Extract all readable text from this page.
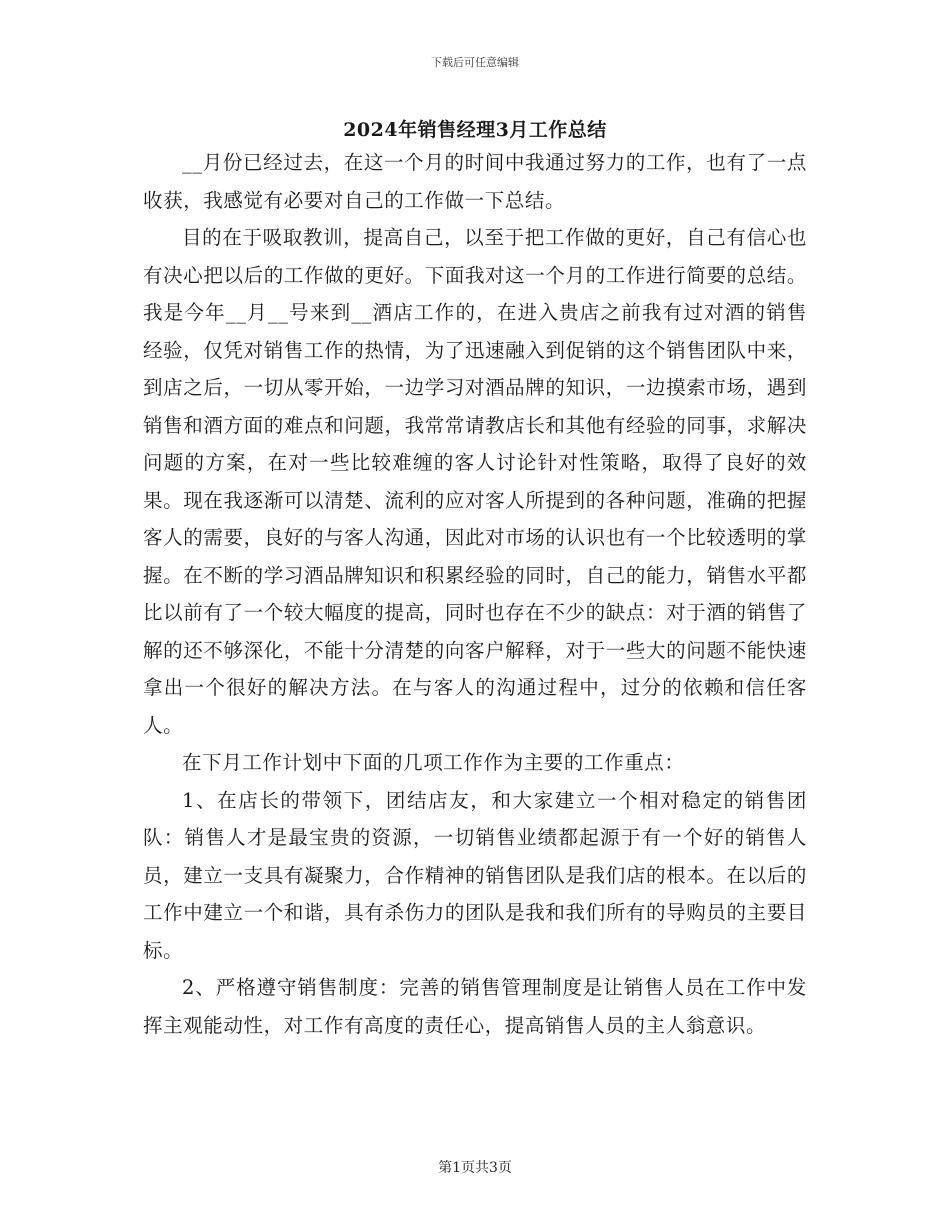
下载后可任意编辑
2024年销售经理3月工作总结

__月份已经过去，在这一个月的时间中我通过努力的工作，也有了一点收获，我感觉有必要对自己的工作做一下总结。

目的在于吸取教训，提高自己，以至于把工作做的更好，自己有信心也有决心把以后的工作做的更好。下面我对这一个月的工作进行简要的总结。我是今年__月__号来到__酒店工作的，在进入贵店之前我有过对酒的销售经验，仅凭对销售工作的热情，为了迅速融入到促销的这个销售团队中来，到店之后，一切从零开始，一边学习对酒品牌的知识，一边摸索市场，遇到销售和酒方面的难点和问题，我常常请教店长和其他有经验的同事，求解决问题的方案，在对一些比较难缠的客人讨论针对性策略，取得了良好的效果。现在我逐渐可以清楚、流利的应对客人所提到的各种问题，准确的把握客人的需要，良好的与客人沟通，因此对市场的认识也有一个比较透明的掌握。在不断的学习酒品牌知识和积累经验的同时，自己的能力，销售水平都比以前有了一个较大幅度的提高，同时也存在不少的缺点：对于酒的销售了解的还不够深化，不能十分清楚的向客户解释，对于一些大的问题不能快速拿出一个很好的解决方法。在与客人的沟通过程中，过分的依赖和信任客人。

在下月工作计划中下面的几项工作作为主要的工作重点：

1、在店长的带领下，团结店友，和大家建立一个相对稳定的销售团队：销售人才是最宝贵的资源，一切销售业绩都起源于有一个好的销售人员，建立一支具有凝聚力，合作精神的销售团队是我们店的根本。在以后的工作中建立一个和谐，具有杀伤力的团队是我和我们所有的导购员的主要目标。

2、严格遵守销售制度：完善的销售管理制度是让销售人员在工作中发挥主观能动性，对工作有高度的责任心，提高销售人员的主人翁意识。

第1页共3页
